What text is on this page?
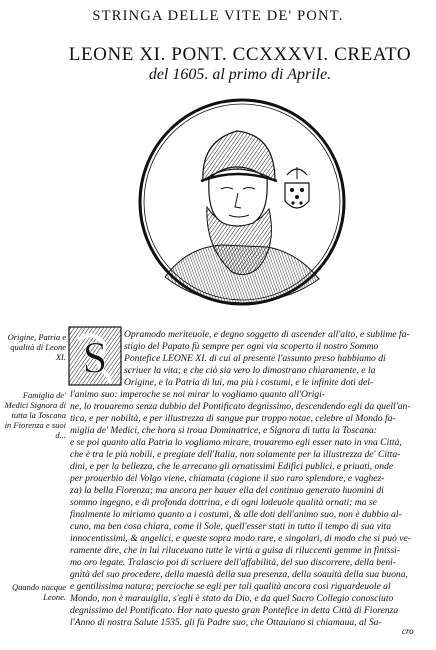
STRINGA DELLE VITE DE' PONT.
LEONE XI. PONT. CCXXXVI. CREATO
del 1605. al primo di Aprile.
Origine, Patria e qualità di Leone XI.
Famiglia de' Medici Signora di tutta la Toscana in Fiorenza e suoi d...
Quando nacque Leone.
S Opramodo meriteuole, e degno soggetto di ascender all'alto, e sublime fa-
stigio del Papato fù sempre per ogni via scoperto il nostro Sommo
Pontefice LEONE XI. di cui al presente l'assunto preso habbiamo di
scriuer la vita; e che ciò sia vero lo dimostrano chiaramente, e la
Origine, e la Patria di lui, ma più i costumi, e le infinite doti del-
l'animo suo: imperoche se noi mirar lo vogliamo quanto all'Origi-
ne, lo trouaremo senza dubbio del Pontificato degnissimo, descendendo egli da quell'an-
tica, e per nobiltà, e per illustrezza di sangue pur troppo notae, celebre al Mondo fa-
miglia de' Medici, che hora si troua Dominatrice, e Signora di tutta la Toscana:
e se poi quanto alla Patria lo vogliamo mirare, trouaremo egli esser nato in vna Città,
che è tra le più nobili, e pregiate dell'Italia, non solamente per la illustrezza de' Citta-
dini, e per la bellezza, che le arrecano gli ornatissimi Edifici publici, e priuati, onde
per prouerbio del Volgo viene, chiamata (cagione il suo raro splendore, e vaghez-
za) la bella Fiorenza; ma ancora per hauer ella del continuo generato huomini di
sommo ingegno, e di profonda dottrina, e di ogni lodeuole qualità ornati; ma se
finalmente lo miriamo quanto a i costumi, & alle doti dell'animo suo, non è dubbio al-
cuno, ma ben cosa chiara, come il Sole, quell'esser stati in tutto il tempo di sua vita
innocentissimi, & angelici, e queste sopra modo rare, e singolari, di modo che si può ve-
ramente dire, che in lui riluceuano tutte le virtù a guisa di riluccenti gemme in finissi-
mo oro legate. Tralascio poi di scriuere dell'affabilità, del suo discorrere, della benì-
gnità del suo procedere, della maestà della sua presenza, della soauità della sua buona,
e gentilissima natura; percioche se egli per tali qualità ancora così riguardeuole al
Mondo, non è marauiglia, s'egli è stato da Dio, e da quel Sacro Collegio conosciuto
degnissimo del Pontificato. Hor nato questo gran Pontefice in detta Città di Fiorenza
l'Anno di nostra Salute 1535. gli fù Padre suo, che Ottauiano si chiamaua, al Sa-
cro
